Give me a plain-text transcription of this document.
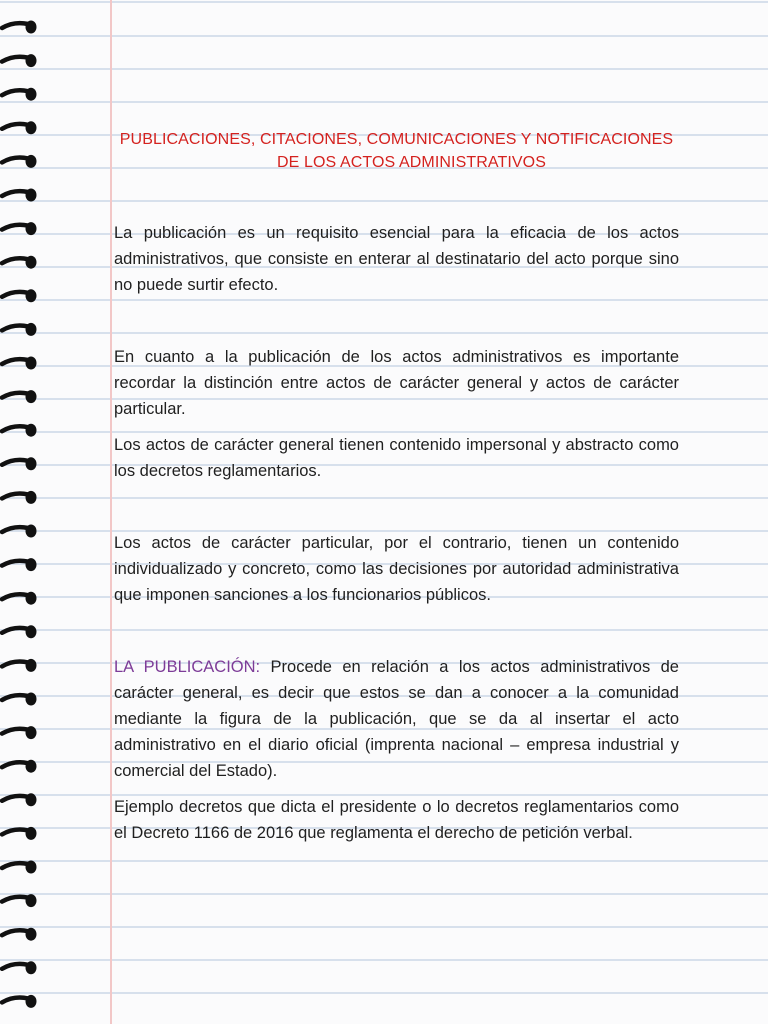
PUBLICACIONES, CITACIONES, COMUNICACIONES Y NOTIFICACIONES
DE LOS ACTOS ADMINISTRATIVOS

La publicación es un requisito esencial para la eficacia de los actos administrativos, que consiste en enterar al destinatario del acto porque sino no puede surtir efecto.

En cuanto a la publicación de los actos administrativos es importante recordar la distinción entre actos de carácter general y actos de carácter particular.

Los actos de carácter general tienen contenido impersonal y abstracto como los decretos reglamentarios.

Los actos de carácter particular, por el contrario, tienen un contenido individualizado y concreto, como las decisiones por autoridad administrativa que imponen sanciones a los funcionarios públicos.

LA PUBLICACIÓN: Procede en relación a los actos administrativos de carácter general, es decir que estos se dan a conocer a la comunidad mediante la figura de la publicación, que se da al insertar el acto administrativo en el diario oficial (imprenta nacional – empresa industrial y comercial del Estado).

Ejemplo decretos que dicta el presidente o lo decretos reglamentarios como el Decreto 1166 de 2016 que reglamenta el derecho de petición verbal.
